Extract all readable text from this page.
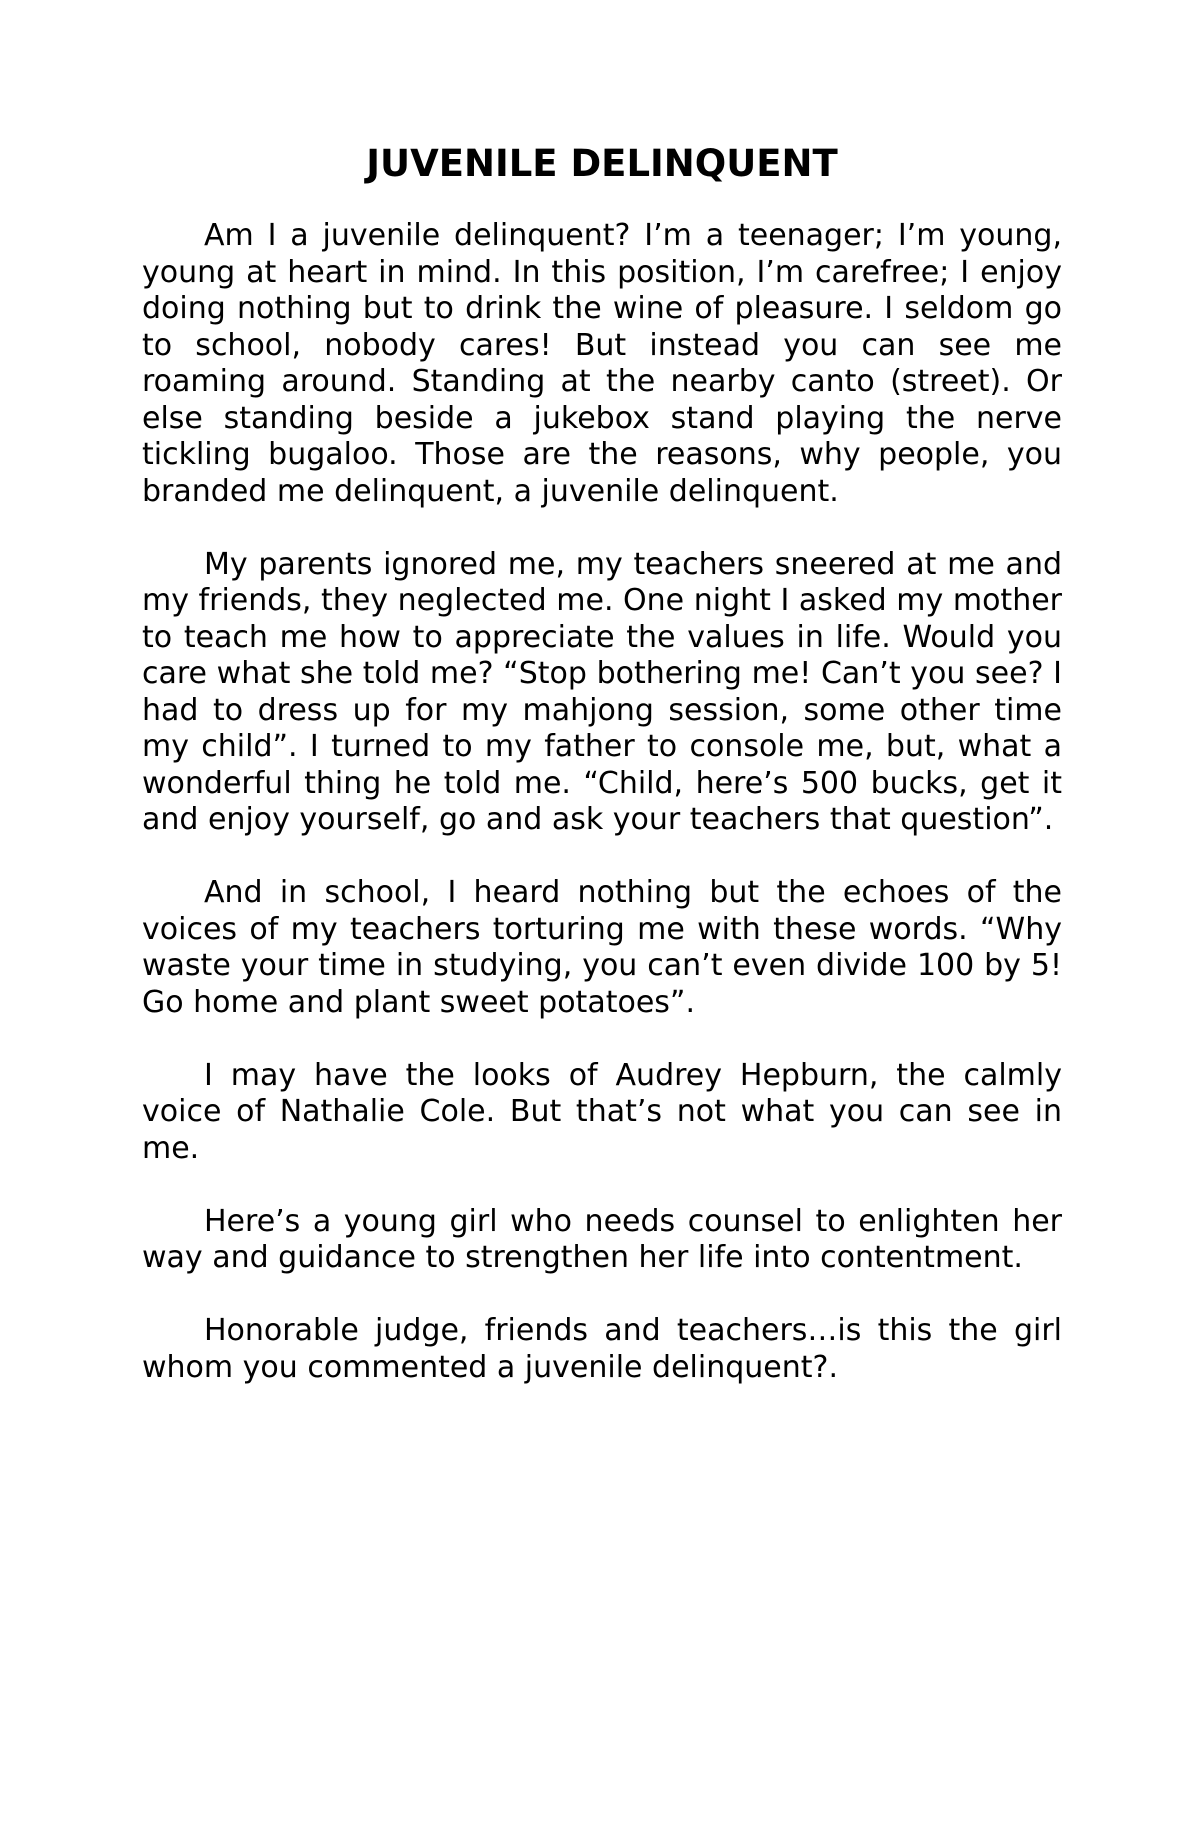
JUVENILE DELINQUENT

Am I a juvenile delinquent? I’m a teenager; I’m young, young at heart in mind. In this position, I’m carefree; I enjoy doing nothing but to drink the wine of pleasure. I seldom go to school, nobody cares! But instead you can see me roaming around. Standing at the nearby canto (street). Or else standing beside a jukebox stand playing the nerve tickling bugaloo. Those are the reasons, why people, you branded me delinquent, a juvenile delinquent.

My parents ignored me, my teachers sneered at me and my friends, they neglected me. One night I asked my mother to teach me how to appreciate the values in life. Would you care what she told me? “Stop bothering me! Can’t you see? I had to dress up for my mahjong session, some other time my child”. I turned to my father to console me, but, what a wonderful thing he told me. “Child, here’s 500 bucks, get it and enjoy yourself, go and ask your teachers that question”.

And in school, I heard nothing but the echoes of the voices of my teachers torturing me with these words. “Why waste your time in studying, you can’t even divide 100 by 5! Go home and plant sweet potatoes”.

I may have the looks of Audrey Hepburn, the calmly voice of Nathalie Cole. But that’s not what you can see in me.

Here’s a young girl who needs counsel to enlighten her way and guidance to strengthen her life into contentment.

Honorable judge, friends and teachers…is this the girl whom you commented a juvenile delinquent?.
